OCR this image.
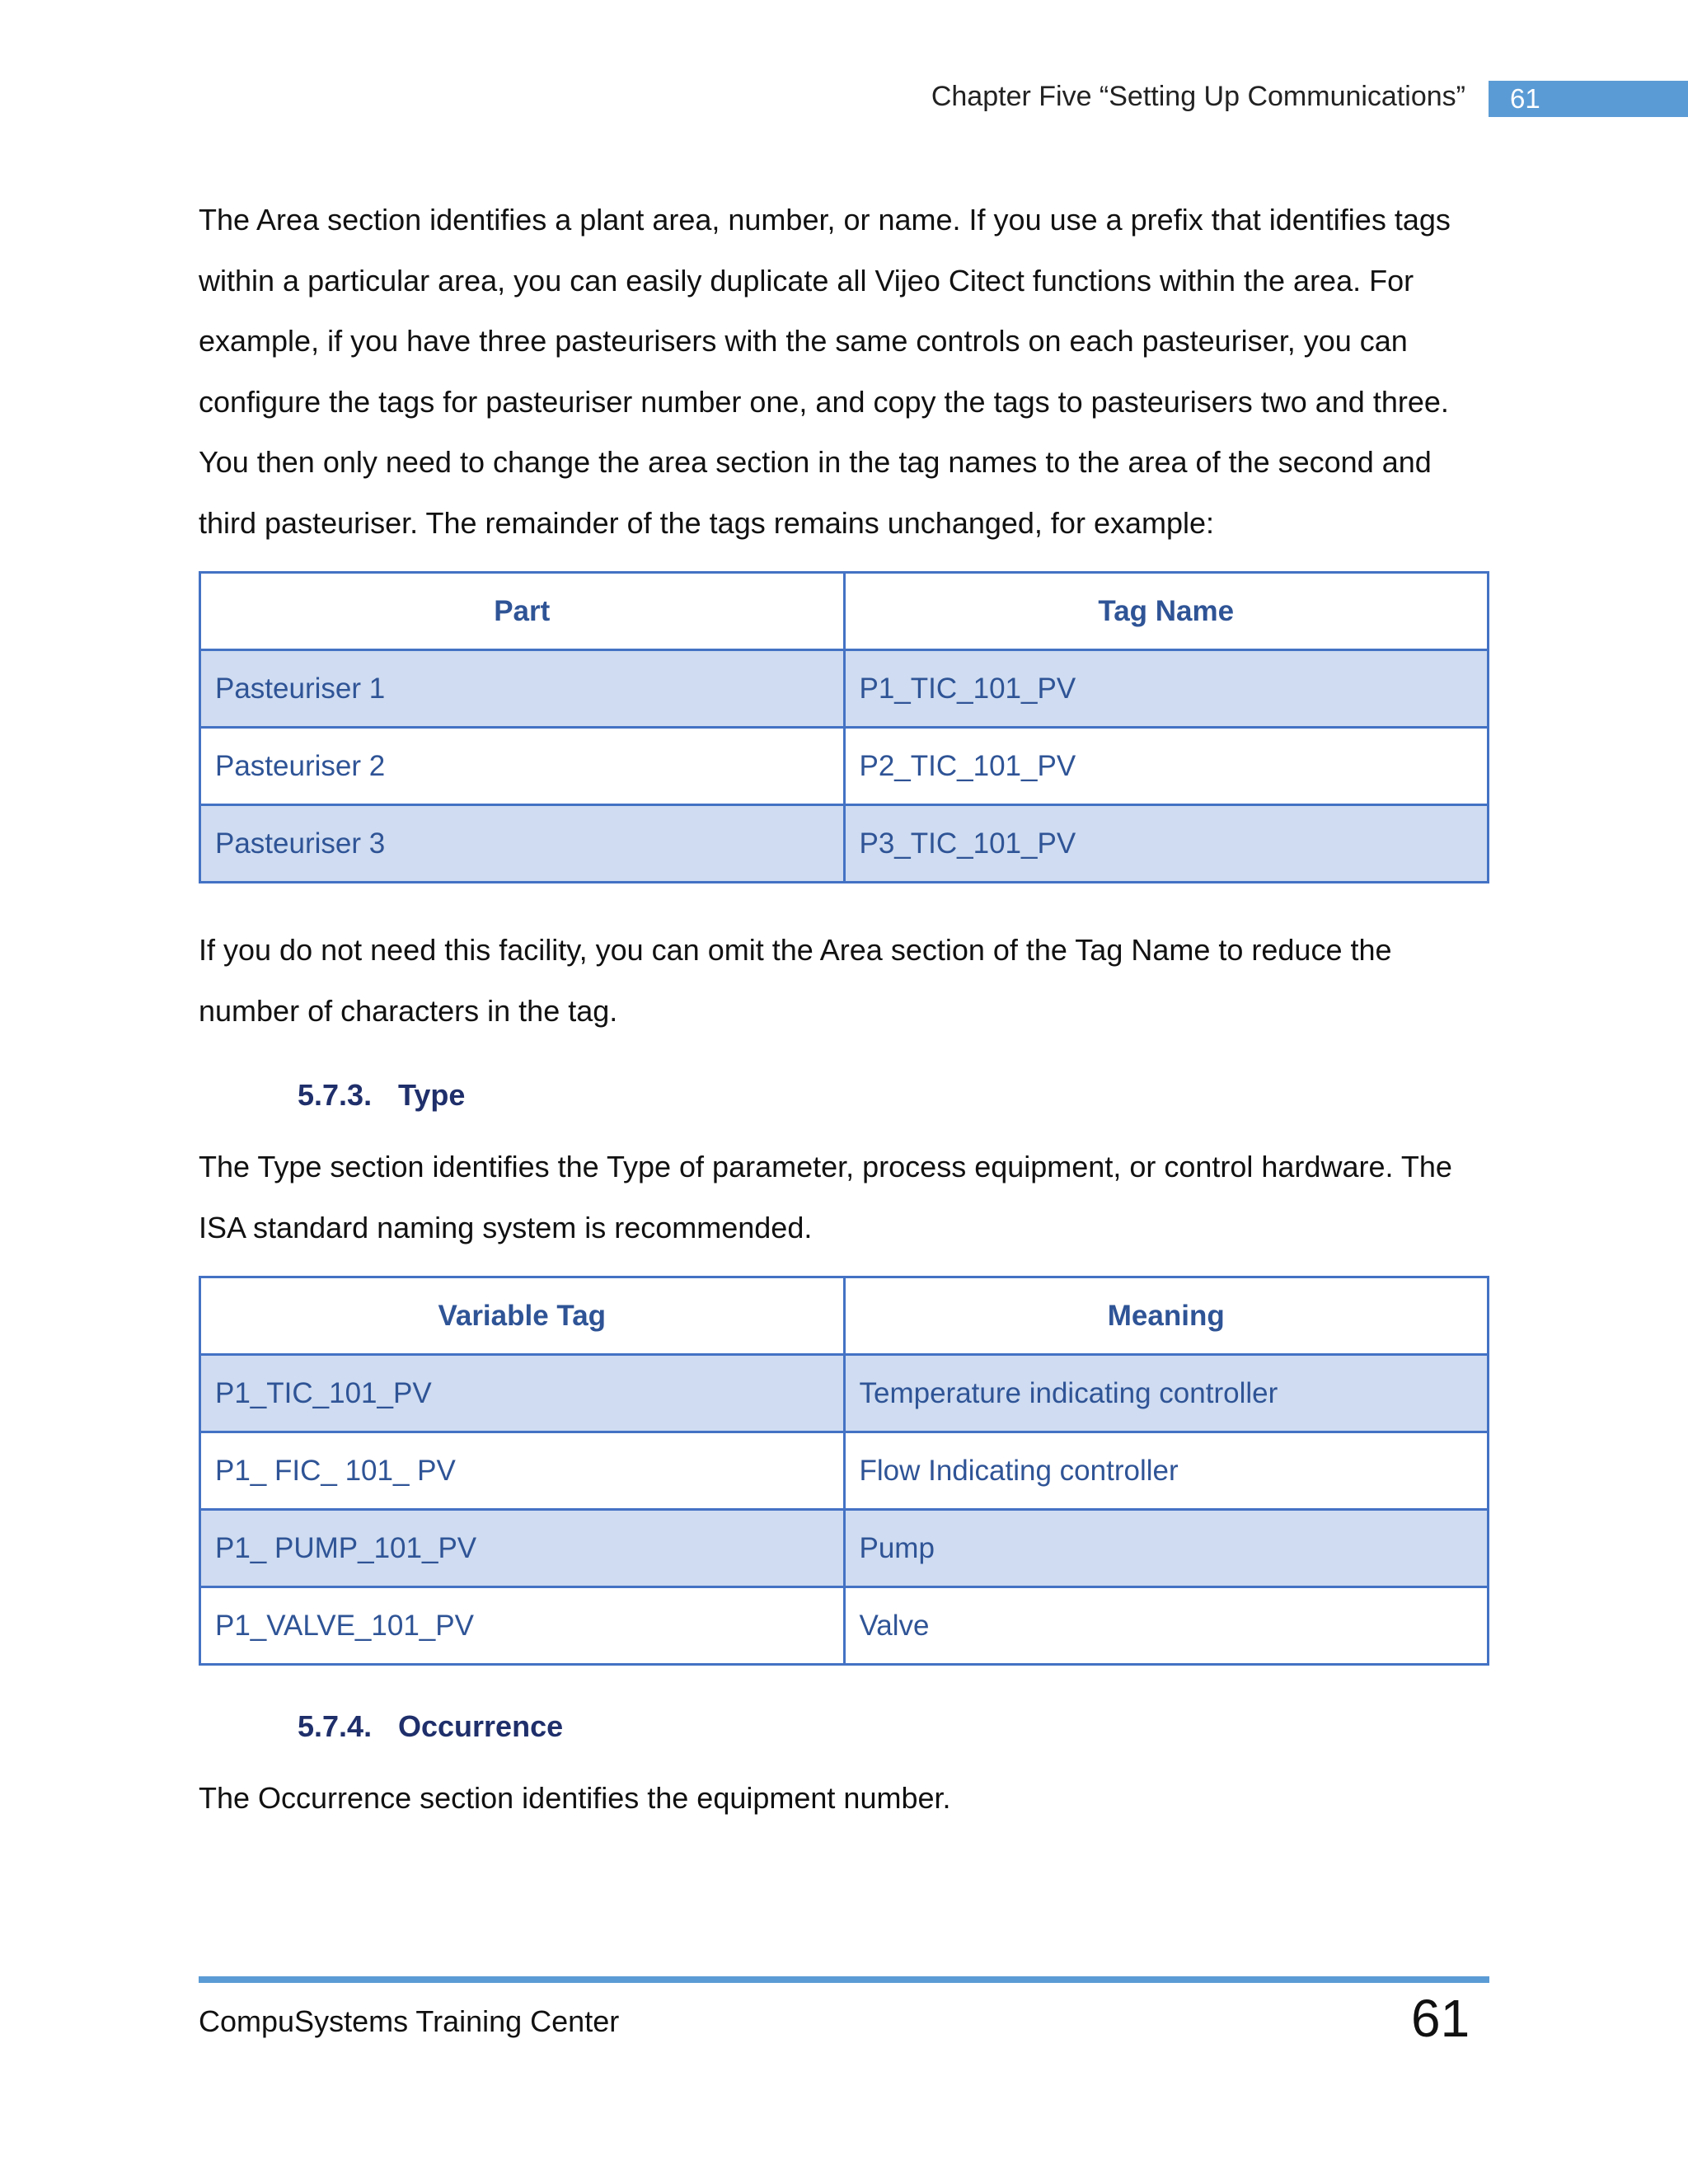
Chapter Five “Setting Up Communications”	61

The Area section identifies a plant area, number, or name. If you use a prefix that identifies tags within a particular area, you can easily duplicate all Vijeo Citect functions within the area. For example, if you have three pasteurisers with the same controls on each pasteuriser, you can configure the tags for pasteuriser number one, and copy the tags to pasteurisers two and three. You then only need to change the area section in the tag names to the area of the second and third pasteuriser. The remainder of the tags remains unchanged, for example:

Part	Tag Name
Pasteuriser 1	P1_TIC_101_PV
Pasteuriser 2	P2_TIC_101_PV
Pasteuriser 3	P3_TIC_101_PV

If you do not need this facility, you can omit the Area section of the Tag Name to reduce the number of characters in the tag.

5.7.3. Type

The Type section identifies the Type of parameter, process equipment, or control hardware. The ISA standard naming system is recommended.

Variable Tag	Meaning
P1_TIC_101_PV	Temperature indicating controller
P1_ FIC_ 101_ PV	Flow Indicating controller
P1_ PUMP_101_PV	Pump
P1_VALVE_101_PV	Valve
5.7.4. Occurrence

The Occurrence section identifies the equipment number.

CompuSystems Training Center	61
